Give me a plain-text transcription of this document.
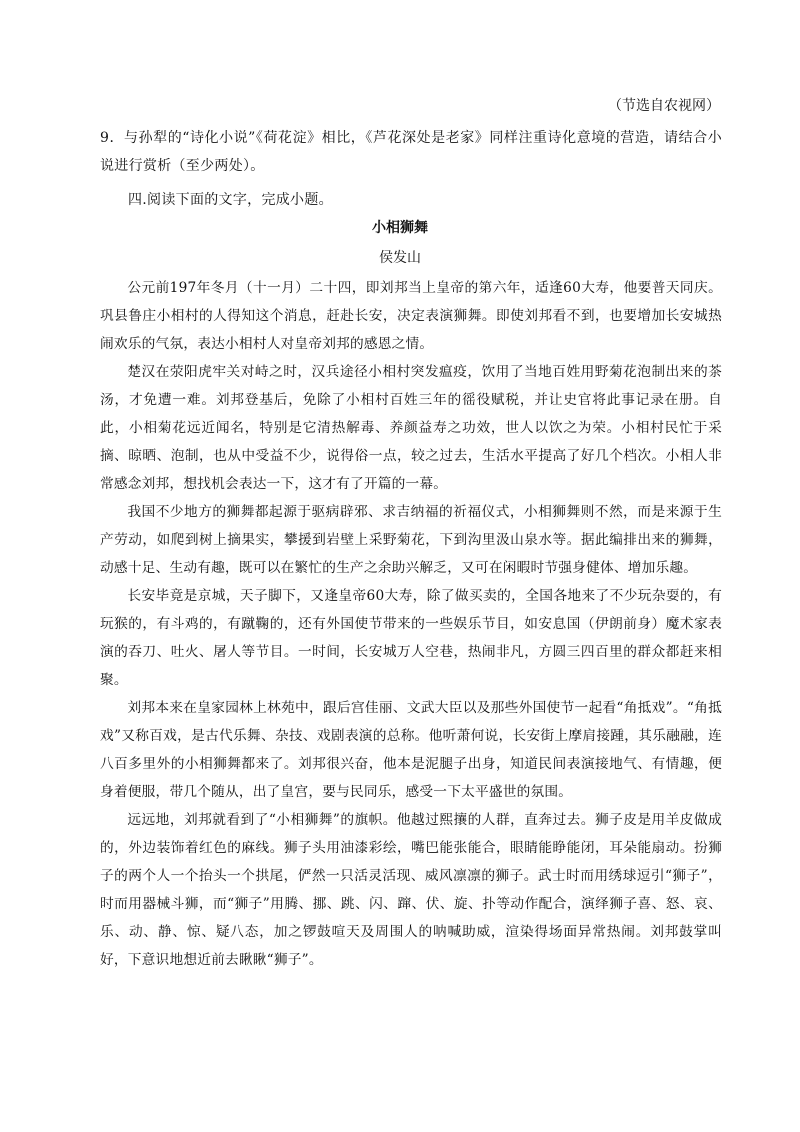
（节选自农视网）
9．与孙犁的“诗化小说”《荷花淀》相比，《芦花深处是老家》同样注重诗化意境的营造，请结合小说进行赏析（至少两处）。
四.阅读下面的文字，完成小题。
小相狮舞
侯发山

公元前197年冬月（十一月）二十四，即刘邦当上皇帝的第六年，适逢60大寿，他要普天同庆。巩县鲁庄小相村的人得知这个消息，赶赴长安，决定表演狮舞。即使刘邦看不到，也要增加长安城热闹欢乐的气氛，表达小相村人对皇帝刘邦的感恩之情。

楚汉在荥阳虎牢关对峙之时，汉兵途径小相村突发瘟疫，饮用了当地百姓用野菊花泡制出来的茶汤，才免遭一难。刘邦登基后，免除了小相村百姓三年的徭役赋税，并让史官将此事记录在册。自此，小相菊花远近闻名，特别是它清热解毒、养颜益寿之功效，世人以饮之为荣。小相村民忙于采摘、晾晒、泡制，也从中受益不少，说得俗一点，较之过去，生活水平提高了好几个档次。小相人非常感念刘邦，想找机会表达一下，这才有了开篇的一幕。

我国不少地方的狮舞都起源于驱病辟邪、求吉纳福的祈福仪式，小相狮舞则不然，而是来源于生产劳动，如爬到树上摘果实，攀援到岩壁上采野菊花，下到沟里汲山泉水等。据此编排出来的狮舞，动感十足、生动有趣，既可以在繁忙的生产之余助兴解乏，又可在闲暇时节强身健体、增加乐趣。

长安毕竟是京城，天子脚下，又逢皇帝60大寿，除了做买卖的，全国各地来了不少玩杂耍的，有玩猴的，有斗鸡的，有蹴鞠的，还有外国使节带来的一些娱乐节目，如安息国（伊朗前身）魔术家表演的吞刀、吐火、屠人等节目。一时间，长安城万人空巷，热闹非凡，方圆三四百里的群众都赶来相聚。

刘邦本来在皇家园林上林苑中，跟后宫佳丽、文武大臣以及那些外国使节一起看“角抵戏”。“角抵戏”又称百戏，是古代乐舞、杂技、戏剧表演的总称。他听萧何说，长安街上摩肩接踵，其乐融融，连八百多里外的小相狮舞都来了。刘邦很兴奋，他本是泥腿子出身，知道民间表演接地气、有情趣，便身着便服，带几个随从，出了皇宫，要与民同乐，感受一下太平盛世的氛围。

远远地，刘邦就看到了“小相狮舞”的旗帜。他越过熙攘的人群，直奔过去。狮子皮是用羊皮做成的，外边装饰着红色的麻线。狮子头用油漆彩绘，嘴巴能张能合，眼睛能睁能闭，耳朵能扇动。扮狮子的两个人一个抬头一个拱尾，俨然一只活灵活现、威风凛凛的狮子。武士时而用绣球逗引“狮子”，时而用器械斗狮，而“狮子”用腾、挪、跳、闪、蹿、伏、旋、扑等动作配合，演绎狮子喜、怒、哀、乐、动、静、惊、疑八态，加之锣鼓喧天及周围人的呐喊助威，渲染得场面异常热闹。刘邦鼓掌叫好，下意识地想近前去瞅瞅“狮子”。
